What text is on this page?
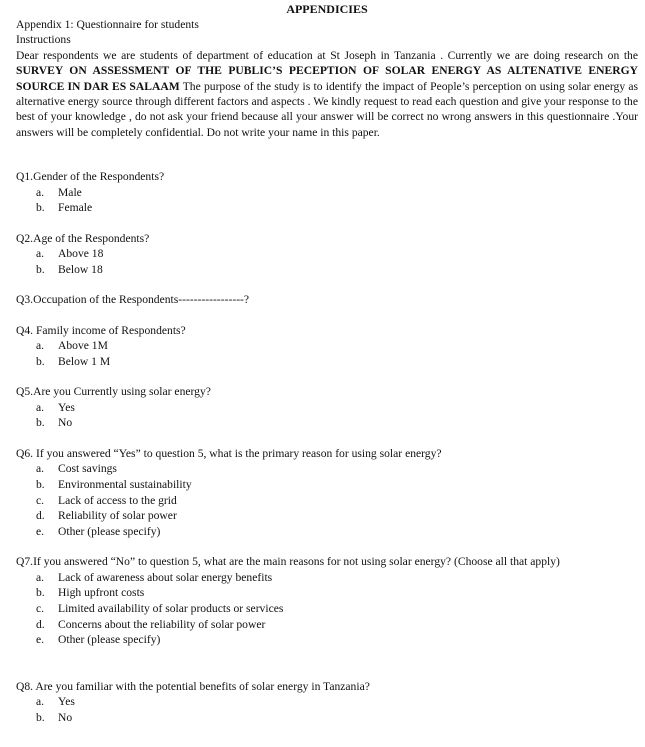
APPENDICIES

Appendix 1: Questionnaire for students

Instructions

Dear respondents we are students of department of education at St Joseph in Tanzania . Currently we are doing research on the SURVEY ON ASSESSMENT OF THE PUBLIC’S PECEPTION OF SOLAR ENERGY AS ALTENATIVE ENERGY SOURCE IN DAR ES SALAAM The purpose of the study is to identify the impact of People’s perception on using solar energy as alternative energy source through different factors and aspects . We kindly request to read each question and give your response to the best of your knowledge , do not ask your friend because all your answer will be correct no wrong answers in this questionnaire .Your answers will be completely confidential. Do not write your name in this paper.

Q1.Gender of the Respondents?

a.	Male
b.	Female

Q2.Age of the Respondents?

a.	Above 18
b.	Below 18

Q3.Occupation of the Respondents-----------------?

Q4. Family income of Respondents?

a.	Above 1M
b.	Below 1 M

Q5.Are you Currently using solar energy?

a.	Yes
b.	No

Q6. If you answered “Yes” to question 5, what is the primary reason for using solar energy?

a.	Cost savings
b.	Environmental sustainability
c.	Lack of access to the grid
d.	Reliability of solar power
e.	Other (please specify)

Q7.If you answered “No” to question 5, what are the main reasons for not using solar energy? (Choose all that apply)

a.	Lack of awareness about solar energy benefits
b.	High upfront costs
c.	Limited availability of solar products or services
d.	Concerns about the reliability of solar power
e.	Other (please specify)

Q8. Are you familiar with the potential benefits of solar energy in Tanzania?

a.	Yes
b.	No
